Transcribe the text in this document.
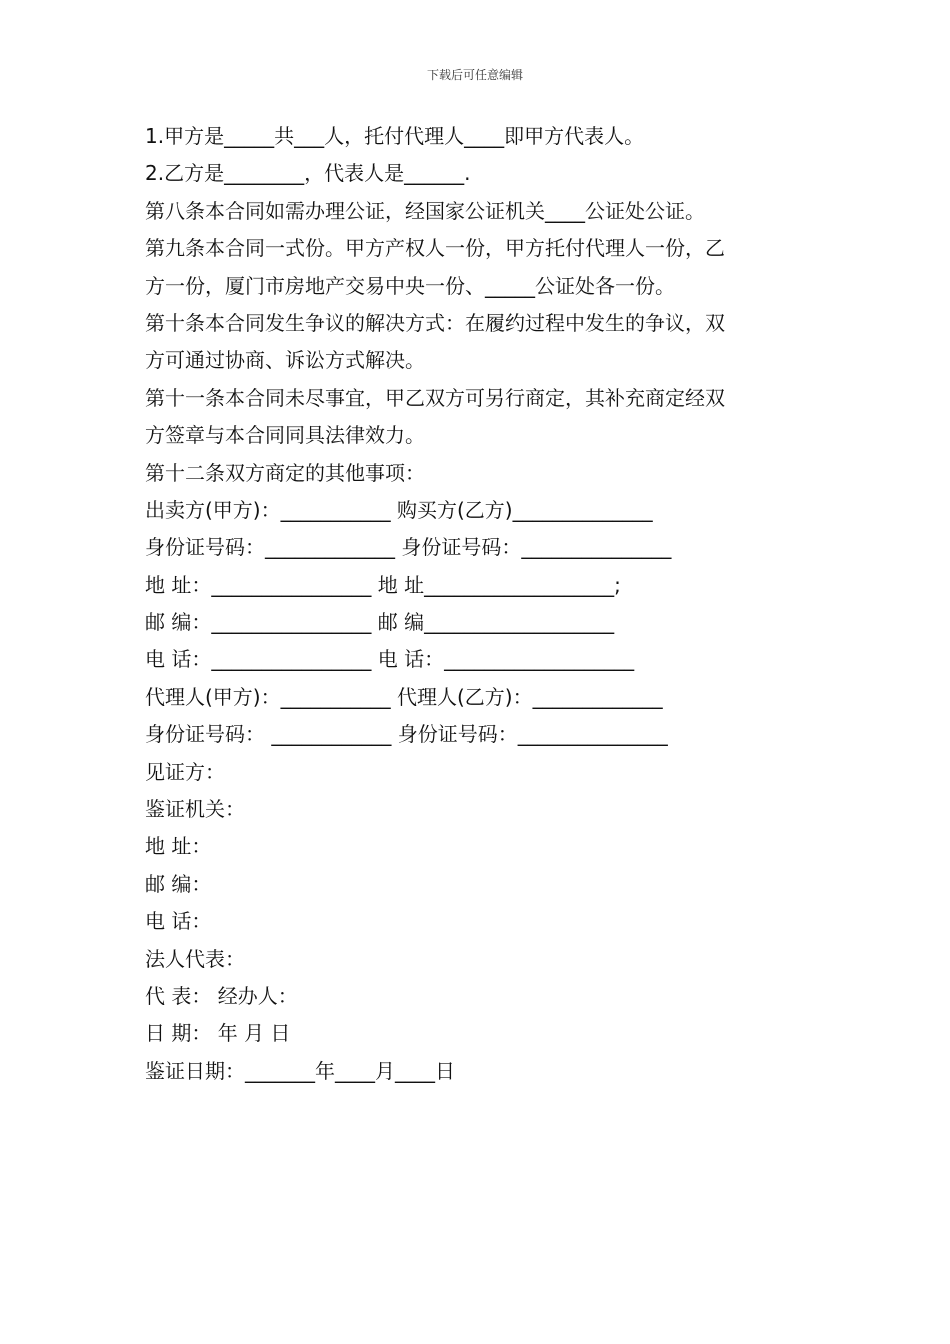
下载后可任意编辑
1.甲方是_____共___人，托付代理人____即甲方代表人。
2.乙方是________，代表人是______.
第八条本合同如需办理公证，经国家公证机关____公证处公证。
第九条本合同一式份。甲方产权人一份，甲方托付代理人一份，乙
方一份，厦门市房地产交易中央一份、_____公证处各一份。
第十条本合同发生争议的解决方式：在履约过程中发生的争议，双
方可通过协商、诉讼方式解决。
第十一条本合同未尽事宜，甲乙双方可另行商定，其补充商定经双
方签章与本合同同具法律效力。
第十二条双方商定的其他事项：
出卖方(甲方)：___________ 购买方(乙方)______________
身份证号码：_____________ 身份证号码：_______________
地 址：________________ 地 址___________________;
邮 编：________________ 邮 编___________________
电 话：________________ 电 话：___________________
代理人(甲方)：___________ 代理人(乙方)：_____________
身份证号码： ____________ 身份证号码：_______________
见证方：
鉴证机关：
地 址：
邮 编：
电 话：
法人代表：
代 表： 经办人：
日 期： 年 月 日
鉴证日期：_______年____月____日
